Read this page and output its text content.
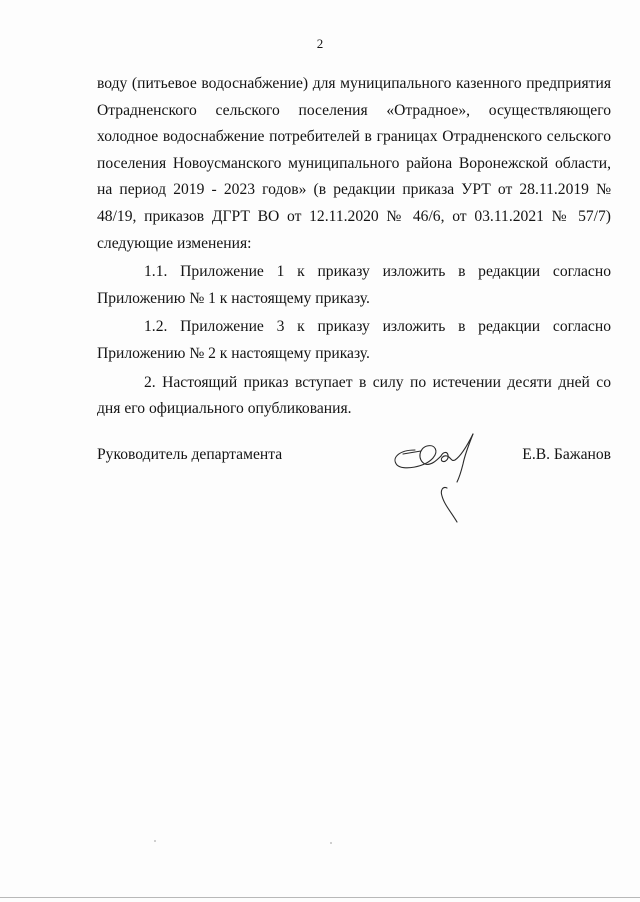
2

воду (питьевое водоснабжение) для муниципального казенного предприятия Отрадненского сельского поселения «Отрадное», осуществляющего холодное водоснабжение потребителей в границах Отрадненского сельского поселения Новоусманского муниципального района Воронежской области, на период 2019 - 2023 годов» (в редакции приказа УРТ от 28.11.2019 № 48/19, приказов ДГРТ ВО от 12.11.2020 № 46/6, от 03.11.2021 № 57/7) следующие изменения:

1.1. Приложение 1 к приказу изложить в редакции согласно Приложению № 1 к настоящему приказу.

1.2. Приложение 3 к приказу изложить в редакции согласно Приложению № 2 к настоящему приказу.

2. Настоящий приказ вступает в силу по истечении десяти дней со дня его официального опубликования.

Руководитель департамента	Е.В. Бажанов
